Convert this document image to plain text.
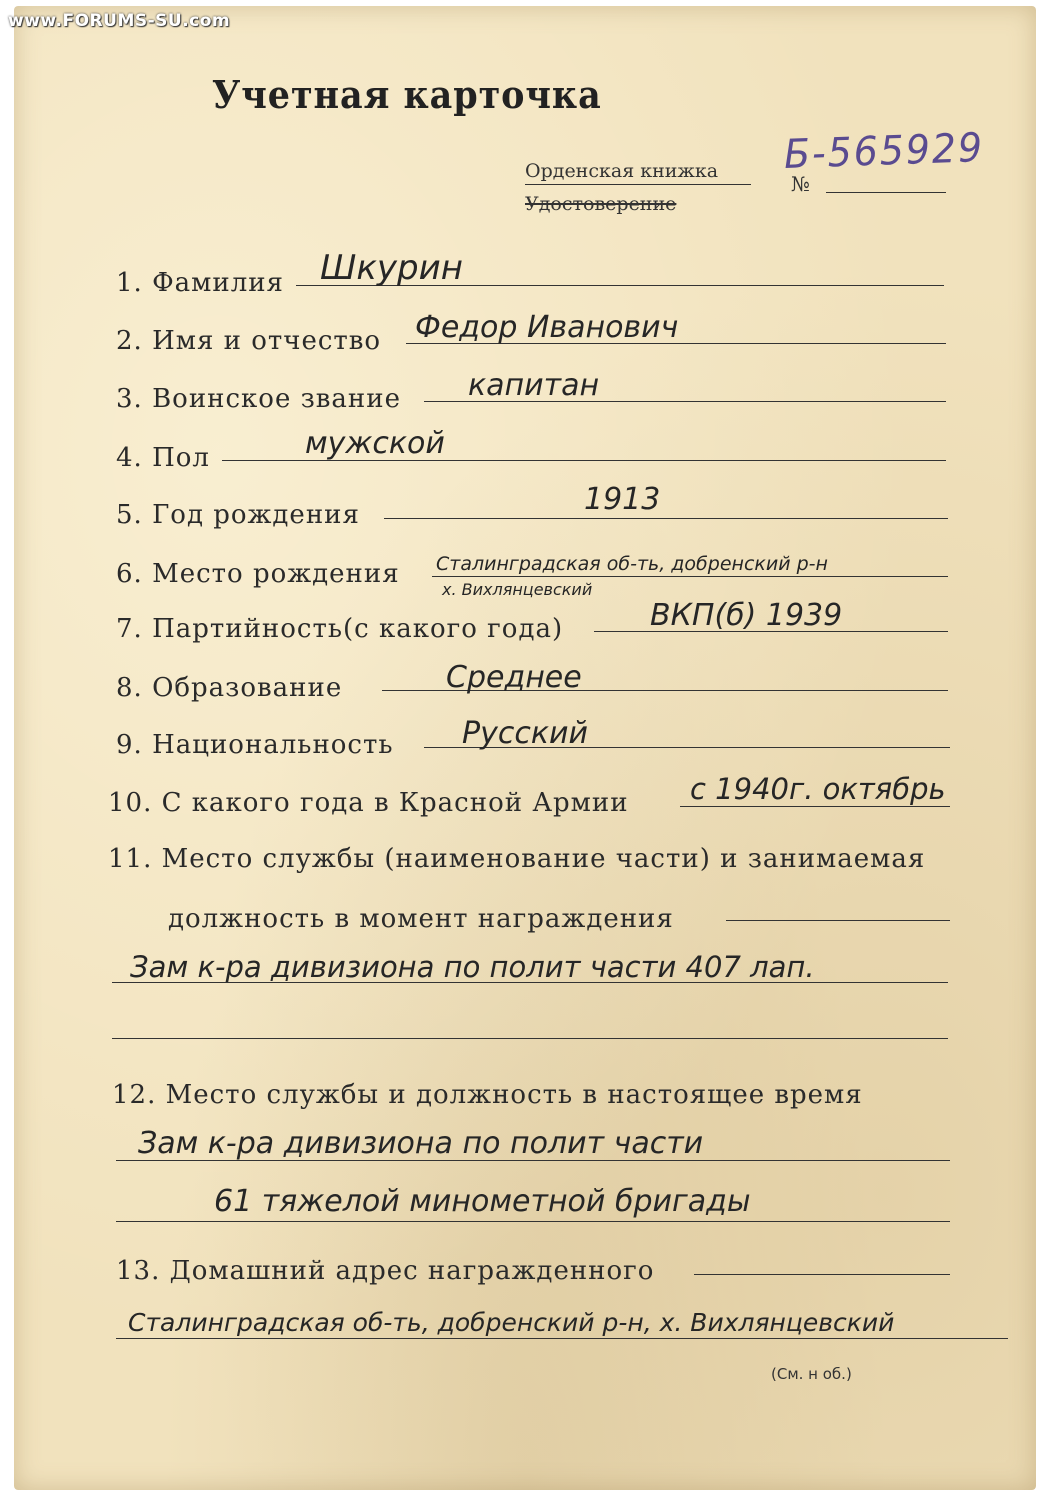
www.FORUMS-SU.com
Учетная карточка
Орденская книжка
Удостоверение
№
Б-565929
1. Фамилия Шкурин
2. Имя и отчество Федор Иванович
3. Воинское звание капитан
4. Пол	мужской
5. Год рождения	1913
6. Место рождения Сталинградская об-ть, добренский р-н
х. Вихлянцевский
7. Партийность(с какого года)	ВКП(б) 1939
8. Образование	Среднее
9. Национальность Русский
10. С какого года в Красной Армии с 1940г. октябрь
11. Место службы (наименование части) и занимаемая
должность в момент награждения
Зам к-ра дивизиона по полит части 407 лап.
12. Место службы и должность в настоящее время
Зам к-ра дивизиона по полит части
61 тяжелой минометной бригады
13. Домашний адрес награжденного
Сталинградская об-ть, добренский р-н, х. Вихлянцевский
(См. н об.)
